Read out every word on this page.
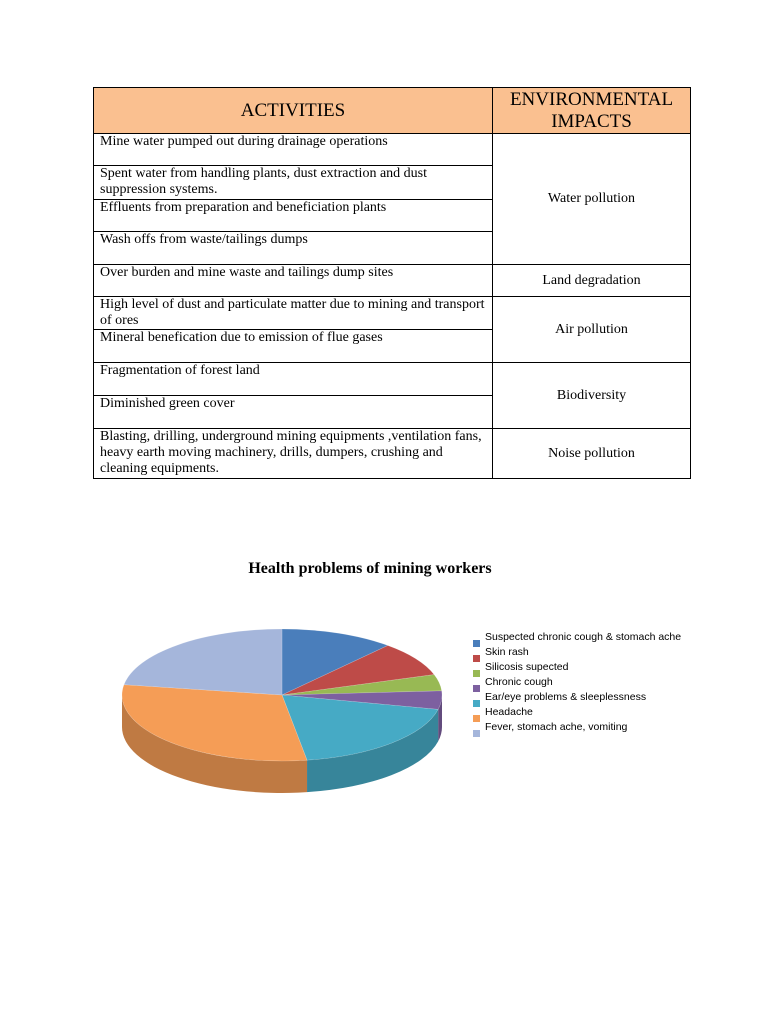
ACTIVITIES	ENVIRONMENTAL IMPACTS
Mine water pumped out during drainage operations	Water pollution
Spent water from handling plants, dust extraction and dust suppression systems.	
Effluents from preparation and beneficiation plants	
Wash offs from waste/tailings dumps	
Over burden and mine waste and tailings dump sites	Land degradation
High level of dust and particulate matter due to mining and transport of ores	Air pollution
Mineral benefication due to emission of flue gases	
Fragmentation of forest land	Biodiversity
Diminished green cover	
Blasting, drilling, underground mining equipments ,ventilation fans, heavy earth moving machinery, drills, dumpers, crushing and cleaning equipments.	Noise pollution
Health problems of mining workers
Suspected chronic cough & stomach ache
Skin rash
Silicosis supected
Chronic cough
Ear/eye problems & sleeplessness
Headache
Fever, stomach ache, vomiting
